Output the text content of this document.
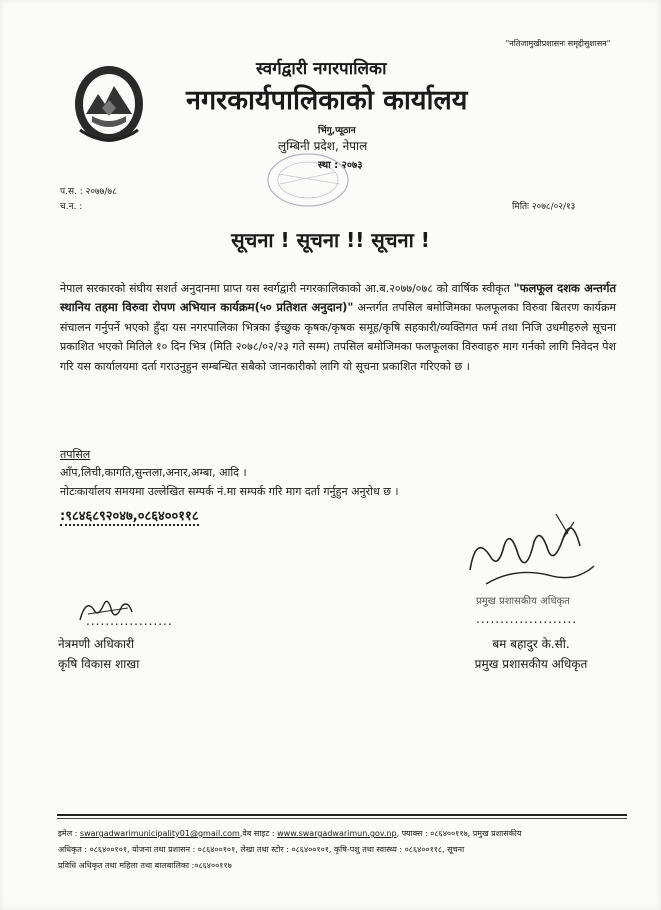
"नतिजामुखीप्रशासनः समृद्दीसुशासन"
स्वर्गद्वारी नगरपालिका
नगरकार्यपालिकाको कार्यालय
भिंगु,प्यूठान
लुम्बिनी प्रदेश, नेपाल
स्था : २०७३
प.स. : २०७७/७८
च.न. :	मितिः २०७८/०२/१३
सूचना ! सूचना !! सूचना !

नेपाल सरकारको संघीय सशर्त अनुदानमा प्राप्त यस स्वर्गद्वारी नगरकालिकाको आ.ब.२०७७/०७८ को वार्षिक स्वीकृत "फलफूल दशक अन्तर्गत स्थानिय तहमा विरुवा रोपण अभियान कार्यक्रम(५० प्रतिशत अनुदान)" अन्तर्गत तपसिल बमोजिमका फलफूलका विरुवा बितरण कार्यक्रम संचालन गर्नुपर्ने भएको हुँदा यस नगरपालिका भित्रका ईच्छुक कृषक/कृषक समूह/कृषि सहकारी/व्यक्तिगत फर्म तथा निजि उधमीहरुले सूचना प्रकाशित भएको मितिले १० दिन भित्र (मिति २०७८/०२/२३ गते सम्म) तपसिल बमोजिमका फलफूलका विरुवाहरु माग गर्नको लागि निवेदन पेश गरि यस कार्यालयमा दर्ता गराउनुहुन सम्बन्धित सबैको जानकारीको लागि यो सूचना प्रकाशित गरिएको छ ।

तपसिल
आँप,लिची,कागति,सुन्तला,अनार,अम्बा, आदि ।
नोटःकार्यालय समयमा उल्लेखित सम्पर्क नं.मा सम्पर्क गरि माग दर्ता गर्नुहुन अनुरोध छ ।
:९८४६८९२०४७,०८६४००११८
..................
नेत्रमणी अधिकारी
कृषि विकास शाखा
प्रमुख प्रशासकीय अधिकृत
.....................
बम बहादुर के.सी.
प्रमुख प्रशासकीय अधिकृत
इमेल : swargadwarimunicipality01@gmail.com,वेब साइट : www.swargadwarimun.gov.np, फ्याक्स : ०८६४००११७, प्रमुख प्रशासकीय
अधिकृत : ०८६४००१०१, योजना तथा प्रशासन : ०८६४००१०१, लेखा तथा स्टोर : ०८६४००१०१, कृषि-पशु तथा स्वास्थ्य : ०८६४००११८, सूचना
प्रविधि अधिकृत तथा महिला तथा बालबालिका :०८६४००११७
